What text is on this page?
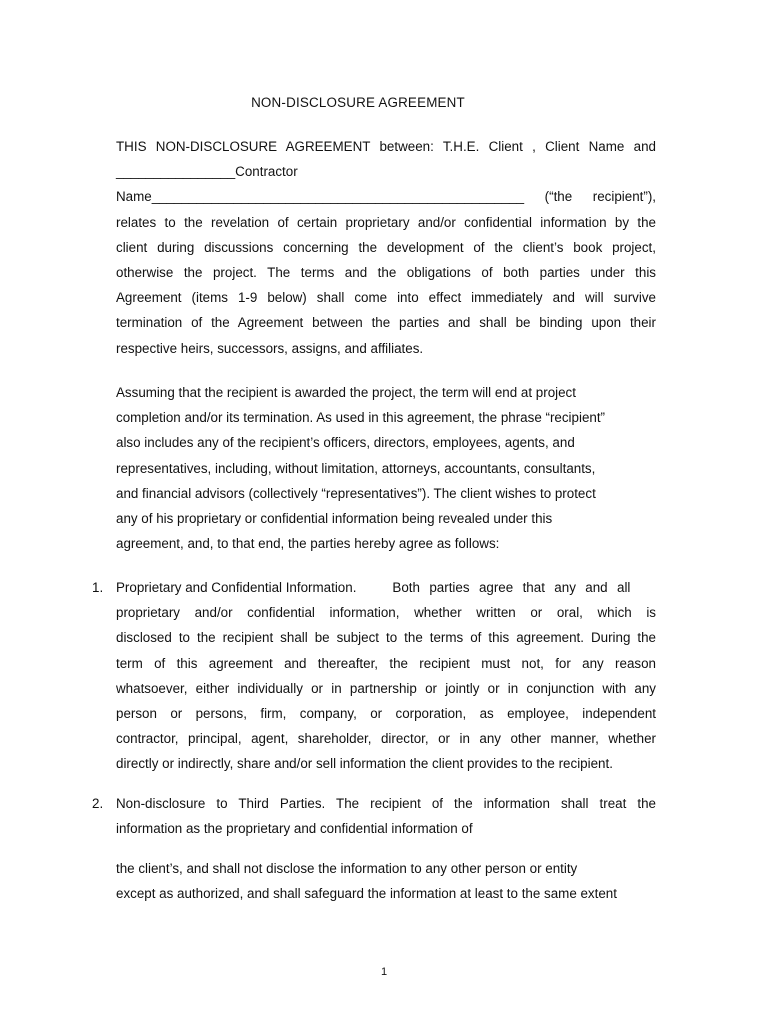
NON-DISCLOSURE AGREEMENT
THIS NON-DISCLOSURE AGREEMENT between: T.H.E. Client , Client Name and
________________Contractor
Name__________________________________________________ (“the recipient”),
relates to the revelation of certain proprietary and/or confidential information by the
client during discussions concerning the development of the client’s book project,
otherwise the project. The terms and the obligations of both parties under this
Agreement (items 1-9 below) shall come into effect immediately and will survive
termination of the Agreement between the parties and shall be binding upon their
respective heirs, successors, assigns, and affiliates.
Assuming that the recipient is awarded the project, the term will end at project
completion and/or its termination. As used in this agreement, the phrase “recipient”
also includes any of the recipient’s officers, directors, employees, agents, and
representatives, including, without limitation, attorneys, accountants, consultants,
and financial advisors (collectively “representatives”). The client wishes to protect
any of his proprietary or confidential information being revealed under this
agreement, and, to that end, the parties hereby agree as follows:
1. Proprietary and Confidential Information.	Both parties agree that any and all
proprietary and/or confidential information, whether written or oral, which is
disclosed to the recipient shall be subject to the terms of this agreement. During the
term of this agreement and thereafter, the recipient must not, for any reason
whatsoever, either individually or in partnership or jointly or in conjunction with any
person or persons, firm, company, or corporation, as employee, independent
contractor, principal, agent, shareholder, director, or in any other manner, whether
directly or indirectly, share and/or sell information the client provides to the recipient.
2. Non-disclosure to Third Parties. The recipient of the information shall treat the
information as the proprietary and confidential information of
the client’s, and shall not disclose the information to any other person or entity
except as authorized, and shall safeguard the information at least to the same extent
1
